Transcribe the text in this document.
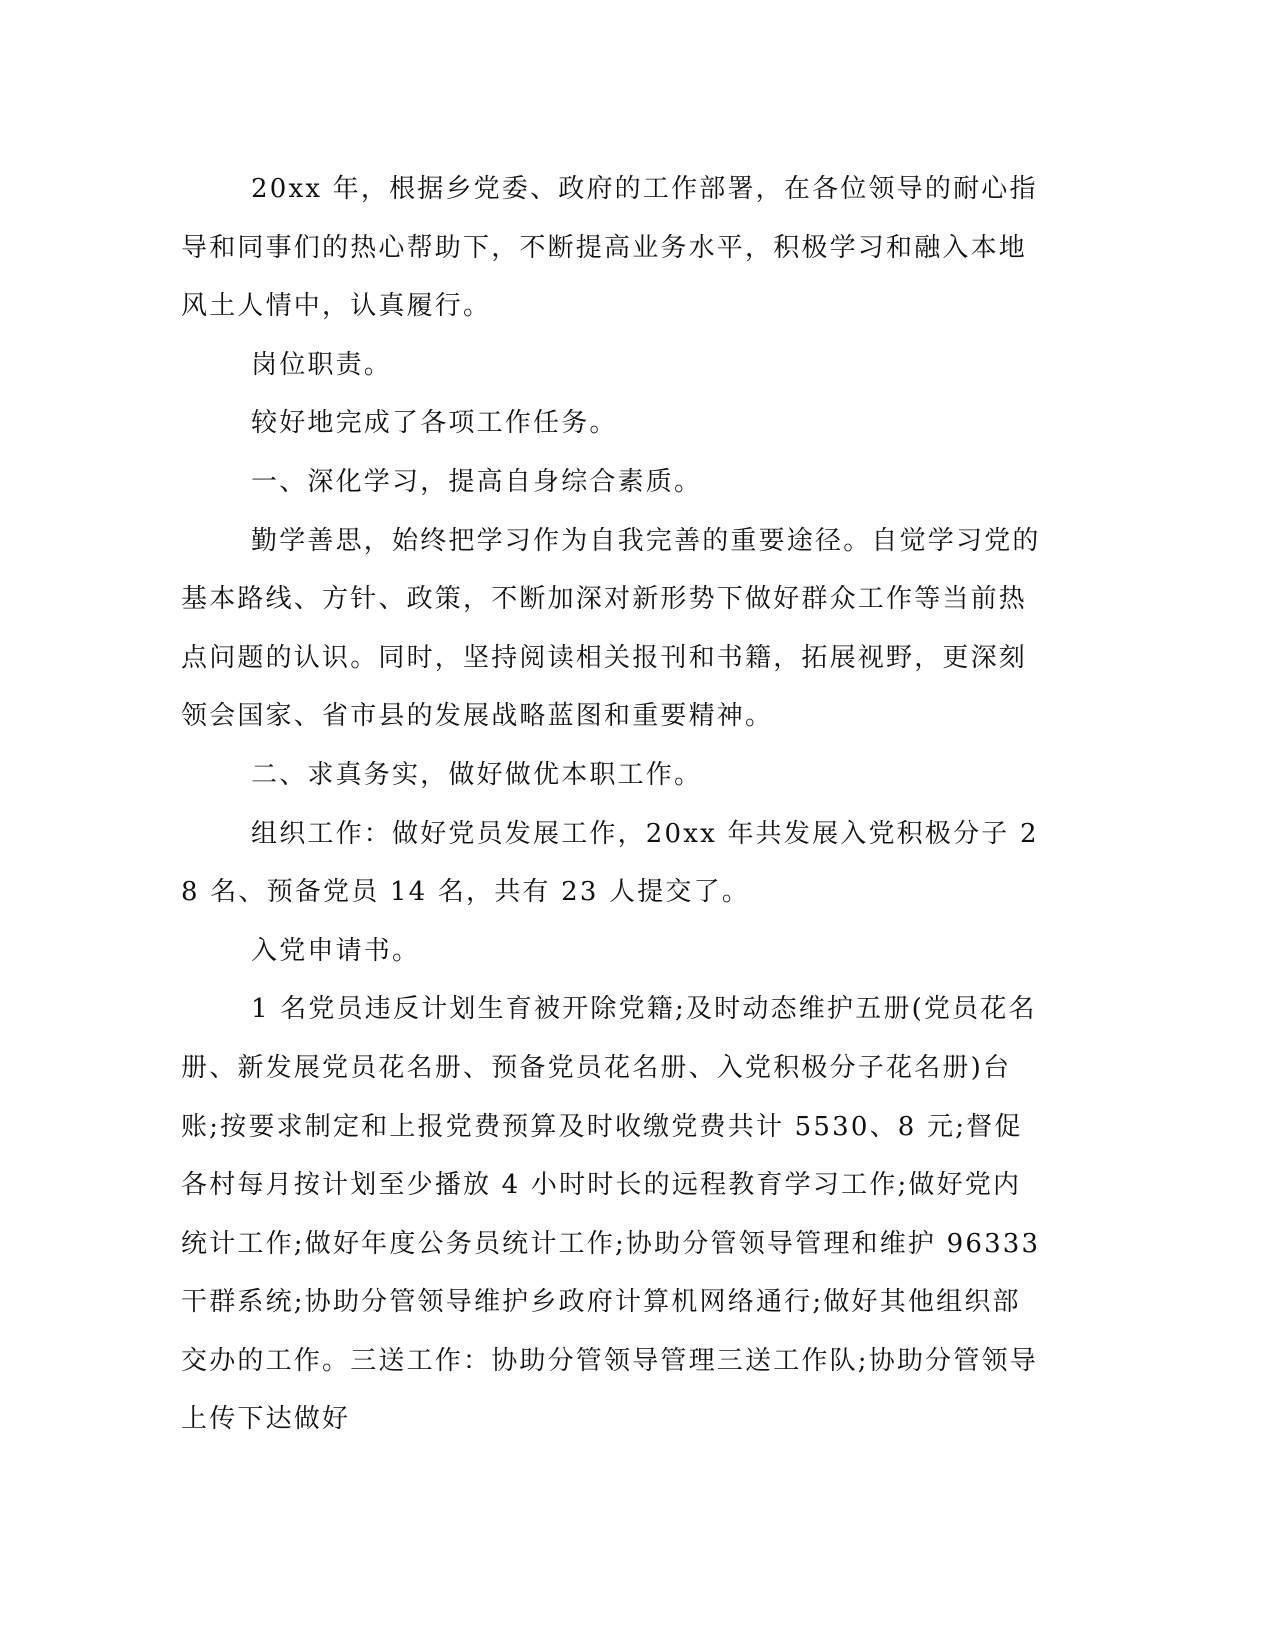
20xx 年，根据乡党委、政府的工作部署，在各位领导的耐心指导和同事们的热心帮助下，不断提高业务水平，积极学习和融入本地风土人情中，认真履行。

岗位职责。

较好地完成了各项工作任务。

一、深化学习，提高自身综合素质。

勤学善思，始终把学习作为自我完善的重要途径。自觉学习党的基本路线、方针、政策，不断加深对新形势下做好群众工作等当前热点问题的认识。同时，坚持阅读相关报刊和书籍，拓展视野，更深刻领会国家、省市县的发展战略蓝图和重要精神。

二、求真务实，做好做优本职工作。

组织工作：做好党员发展工作，20xx 年共发展入党积极分子 28 名、预备党员 14 名，共有 23 人提交了。

入党申请书。

1 名党员违反计划生育被开除党籍;及时动态维护五册(党员花名册、新发展党员花名册、预备党员花名册、入党积极分子花名册)台账;按要求制定和上报党费预算及时收缴党费共计 5530、8 元;督促各村每月按计划至少播放 4 小时时长的远程教育学习工作;做好党内统计工作;做好年度公务员统计工作;协助分管领导管理和维护 96333 干群系统;协助分管领导维护乡政府计算机网络通行;做好其他组织部交办的工作。三送工作：协助分管领导管理三送工作队;协助分管领导上传下达做好
